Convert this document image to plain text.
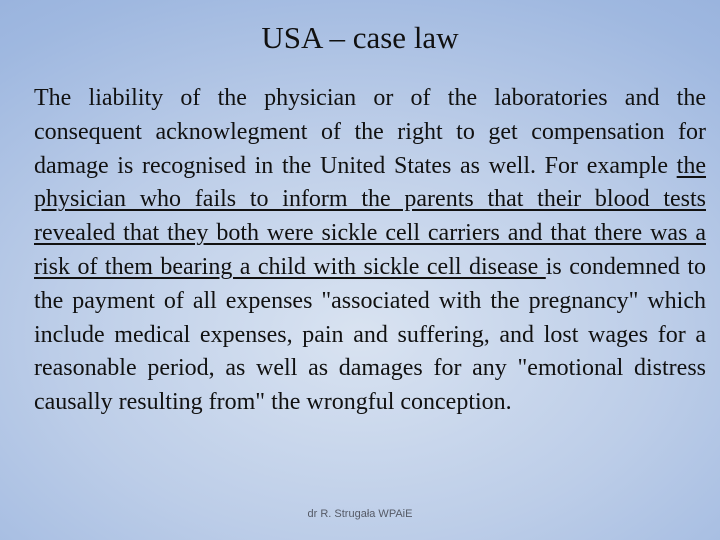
USA – case law

The liability of the physician or of the laboratories and the consequent acknowlegment of the right to get compensation for damage is recognised in the United States as well. For example the physician who fails to inform the parents that their blood tests revealed that they both were sickle cell carriers and that there was a risk of them bearing a child with sickle cell disease is condemned to the payment of all expenses "associated with the pregnancy" which include medical expenses, pain and suffering, and lost wages for a reasonable period, as well as damages for any "emotional distress causally resulting from" the wrongful conception.

dr R. Strugała WPAiE
